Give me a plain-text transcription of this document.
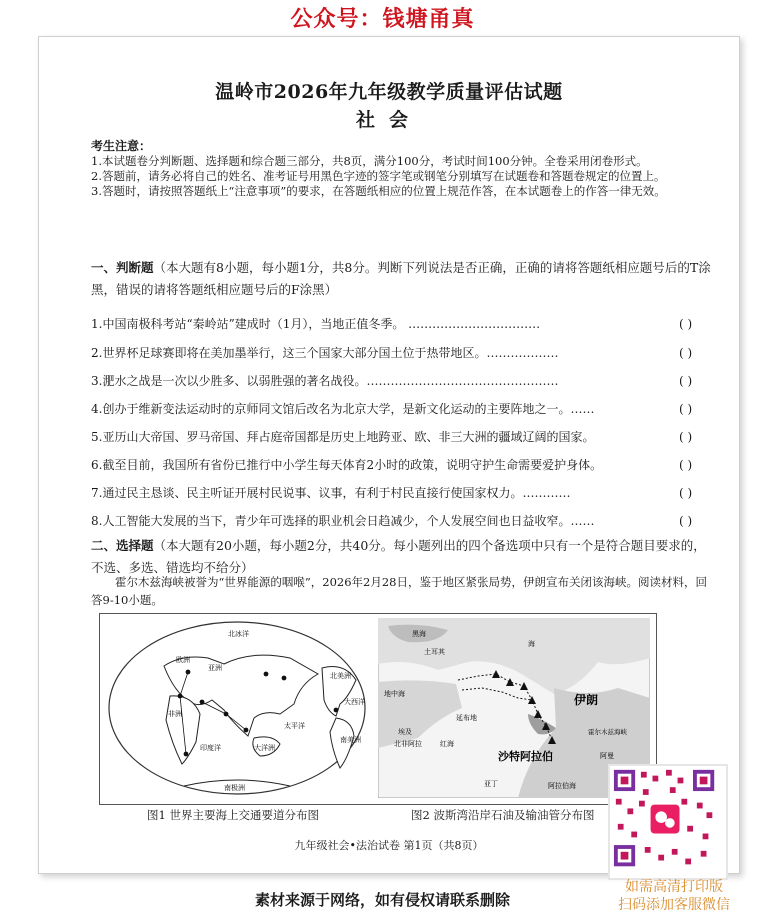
公众号：钱塘甬真
温岭市2026年九年级教学质量评估试题
社会

考生注意：

1.本试题卷分判断题、选择题和综合题三部分，共8页，满分100分，考试时间100分钟。全卷采用闭卷形式。

2.答题前，请务必将自己的姓名、准考证号用黑色字迹的签字笔或钢笔分别填写在试题卷和答题卷规定的位置上。

3.答题时，请按照答题纸上“注意事项”的要求，在答题纸相应的位置上规范作答，在本试题卷上的作答一律无效。

一、判断题（本大题有8小题，每小题1分，共8分。判断下列说法是否正确，正确的请将答题纸相应题号后的T涂黑，错误的请将答题纸相应题号后的F涂黑）
1.中国南极科考站“秦岭站”建成时（1月），当地正值冬季。 ……………………………	( )
2.世界杯足球赛即将在美加墨举行，这三个国家大部分国土位于热带地区。………………	( )
3.淝水之战是一次以少胜多、以弱胜强的著名战役。…………………………………………	( )
4.创办于维新变法运动时的京师同文馆后改名为北京大学，是新文化运动的主要阵地之一。……	( )
5.亚历山大帝国、罗马帝国、拜占庭帝国都是历史上地跨亚、欧、非三大洲的疆域辽阔的国家。	( )
6.截至目前，我国所有省份已推行中小学生每天体育2小时的政策，说明守护生命需要爱护身体。	( )
7.通过民主恳谈、民主听证开展村民说事、议事，有利于村民直接行使国家权力。…………	( )
8.人工智能大发展的当下，青少年可选择的职业机会日趋减少，个人发展空间也日益收窄。……	( )
二、选择题（本大题有20小题，每小题2分，共40分。每小题列出的四个备选项中只有一个是符合题目要求的，不选、多选、错选均不给分）
霍尔木兹海峡被誉为“世界能源的咽喉”，2026年2月28日，鉴于地区紧张局势，伊朗宣布关闭该海峡。阅读材料，回答9-10小题。
北冰洋
欧洲
亚洲
非洲
印度洋	大洋洲
太平洋
北美洲
大西洋
南美洲
南极洲
黑海
土耳其
海
地中海	伊朗
埃及
北非阿拉
延布地
红海
沙特阿拉伯
霍尔木兹海峡
阿曼
亚丁	阿拉伯海
图1 世界主要海上交通要道分布图	图2 波斯湾沿岸石油及输油管分布图
九年级社会•法治试卷 第1页（共8页）
素材来源于网络，如有侵权请联系删除
如需高清打印版
扫码添加客服微信
